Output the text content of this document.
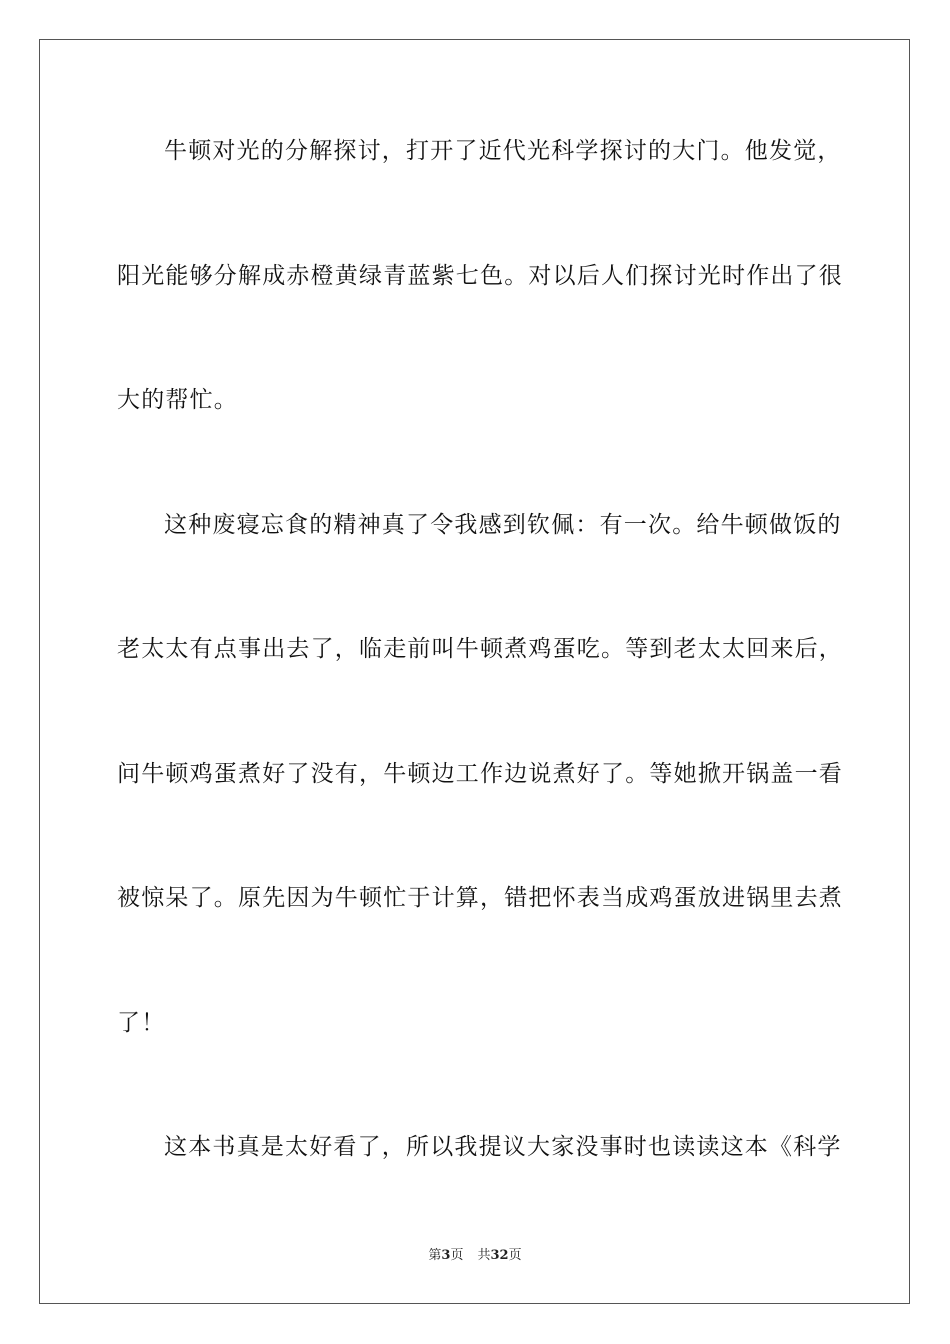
牛顿对光的分解探讨，打开了近代光科学探讨的大门。他发觉，
阳光能够分解成赤橙黄绿青蓝紫七色。对以后人们探讨光时作出了很
大的帮忙。
这种废寝忘食的精神真了令我感到钦佩：有一次。给牛顿做饭的
老太太有点事出去了，临走前叫牛顿煮鸡蛋吃。等到老太太回来后，
问牛顿鸡蛋煮好了没有，牛顿边工作边说煮好了。等她掀开锅盖一看
被惊呆了。原先因为牛顿忙于计算，错把怀表当成鸡蛋放进锅里去煮
了！
这本书真是太好看了，所以我提议大家没事时也读读这本《科学
第3页 共32页
